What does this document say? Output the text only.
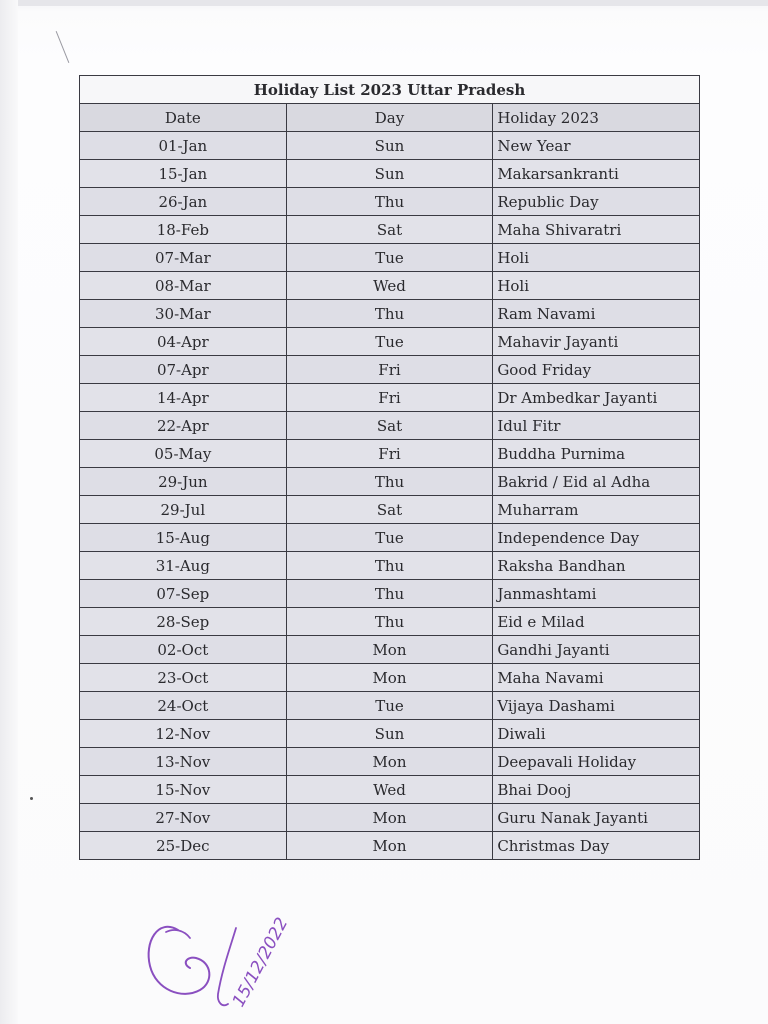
Holiday List 2023 Uttar Pradesh		
Date	Day	Holiday 2023
01-Jan	Sun	New Year
15-Jan	Sun	Makarsankranti
26-Jan	Thu	Republic Day
18-Feb	Sat	Maha Shivaratri
07-Mar	Tue	Holi
08-Mar	Wed	Holi
30-Mar	Thu	Ram Navami
04-Apr	Tue	Mahavir Jayanti
07-Apr	Fri	Good Friday
14-Apr	Fri	Dr Ambedkar Jayanti
22-Apr	Sat	Idul Fitr
05-May	Fri	Buddha Purnima
29-Jun	Thu	Bakrid / Eid al Adha
29-Jul	Sat	Muharram
15-Aug	Tue	Independence Day
31-Aug	Thu	Raksha Bandhan
07-Sep	Thu	Janmashtami
28-Sep	Thu	Eid e Milad
02-Oct	Mon	Gandhi Jayanti
23-Oct	Mon	Maha Navami
24-Oct	Tue	Vijaya Dashami
12-Nov	Sun	Diwali
13-Nov	Mon	Deepavali Holiday
15-Nov	Wed	Bhai Dooj
27-Nov	Mon	Guru Nanak Jayanti
25-Dec	Mon	Christmas Day
15/12/2022
